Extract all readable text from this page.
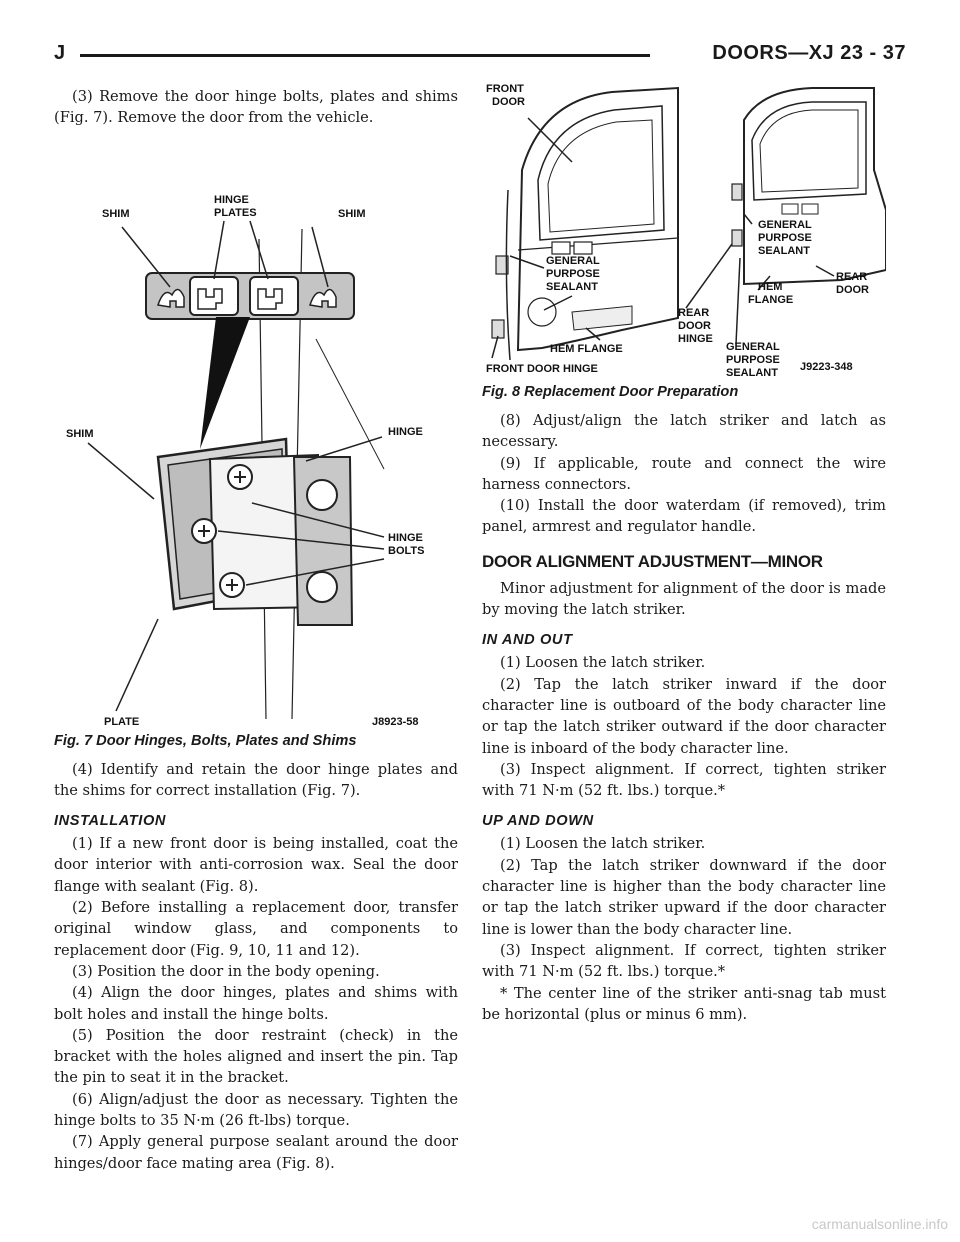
J	DOORS—XJ 23 - 37

(3) Remove the door hinge bolts, plates and shims (Fig. 7). Remove the door from the vehicle.

SHIM
HINGE
PLATES	SHIM
SHIM	HINGE
HINGE
BOLTS
PLATE	J8923-58
Fig. 7 Door Hinges, Bolts, Plates and Shims

(4) Identify and retain the door hinge plates and the shims for correct installation (Fig. 7).

INSTALLATION

(1) If a new front door is being installed, coat the door interior with anti-corrosion wax. Seal the door flange with sealant (Fig. 8).

(2) Before installing a replacement door, transfer original window glass, and components to replacement door (Fig. 9, 10, 11 and 12).

(3) Position the door in the body opening.

(4) Align the door hinges, plates and shims with bolt holes and install the hinge bolts.

(5) Position the door restraint (check) in the bracket with the holes aligned and insert the pin. Tap the pin to seat it in the bracket.

(6) Align/adjust the door as necessary. Tighten the hinge bolts to 35 N·m (26 ft-lbs) torque.

(7) Apply general purpose sealant around the door hinges/door face mating area (Fig. 8).

FRONT
DOOR
GENERAL
PURPOSE
SEALANT
HEM FLANGE
FRONT DOOR HINGE
REAR
DOOR
HINGE
GENERAL
PURPOSE
SEALANT
HEM
FLANGE
GENERAL
PURPOSE
SEALANT
REAR
DOOR
J9223-348
Fig. 8 Replacement Door Preparation

(8) Adjust/align the latch striker and latch as necessary.

(9) If applicable, route and connect the wire harness connectors.

(10) Install the door waterdam (if removed), trim panel, armrest and regulator handle.

DOOR ALIGNMENT ADJUSTMENT—MINOR

Minor adjustment for alignment of the door is made by moving the latch striker.

IN AND OUT

(1) Loosen the latch striker.

(2) Tap the latch striker inward if the door character line is outboard of the body character line or tap the latch striker outward if the door character line is inboard of the body character line.

(3) Inspect alignment. If correct, tighten striker with 71 N·m (52 ft. lbs.) torque.*

UP AND DOWN

(1) Loosen the latch striker.

(2) Tap the latch striker downward if the door character line is higher than the body character line or tap the latch striker upward if the door character line is lower than the body character line.

(3) Inspect alignment. If correct, tighten striker with 71 N·m (52 ft. lbs.) torque.*

* The center line of the striker anti-snag tab must be horizontal (plus or minus 6 mm).

carmanualsonline.info
